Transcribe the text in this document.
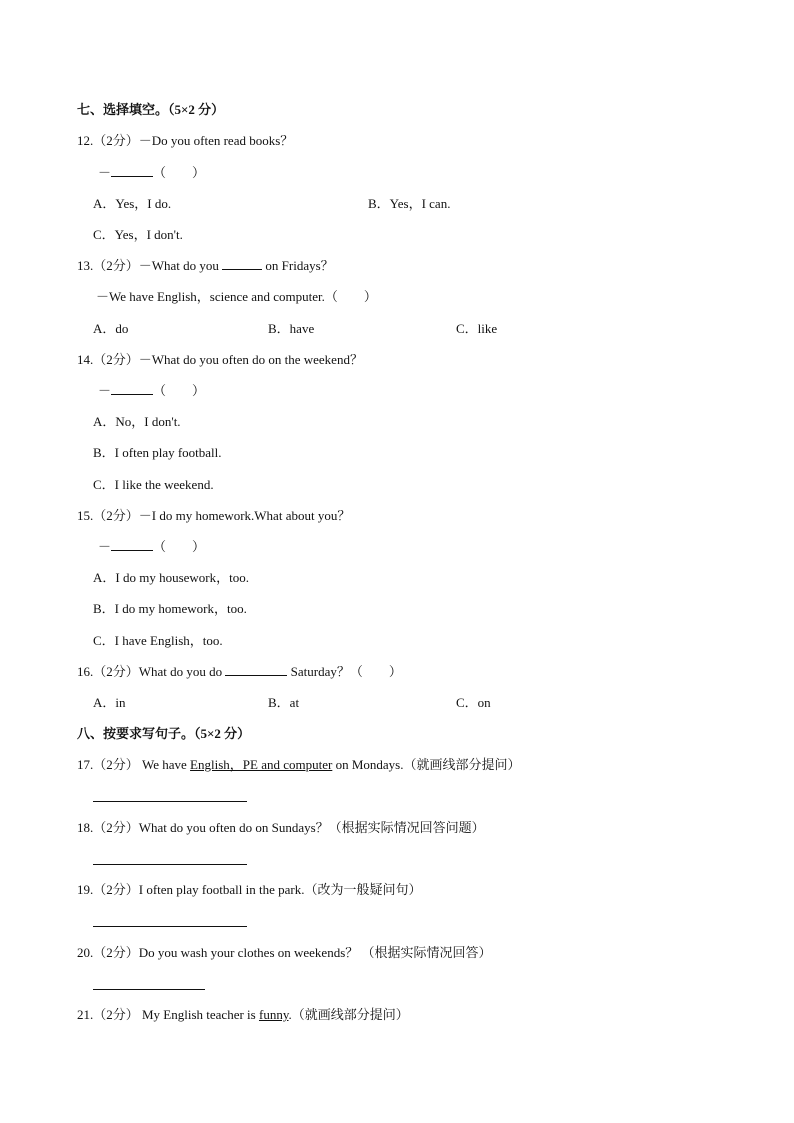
七、选择填空。（5×2 分）
12.（2分）－Do you often read books？
－	（　　）
A．Yes，I do.	B．Yes，I can.
C．Yes，I don't.
13.（2分）－What do you	on Fridays？
－We have English，science and computer.（　　）
A．do	B．have	C．like
14.（2分）－What do you often do on the weekend？
－	（　　）
A．No，I don't.
B．I often play football.
C．I like the weekend.
15.（2分）－I do my homework.What about you？
－	（　　）
A．I do my housework，too.
B．I do my homework，too.
C．I have English，too.
16.（2分）What do you do	Saturday？（　　）
A．in	B．at	C．on
八、按要求写句子。（5×2 分）
17.（2分） We have English，PE and computer on Mondays.（就画线部分提问）
18.（2分）What do you often do on Sundays？（根据实际情况回答问题）
19.（2分）I often play football in the park.（改为一般疑问句）
20.（2分）Do you wash your clothes on weekends？ （根据实际情况回答）
21.（2分） My English teacher is funny.（就画线部分提问）
